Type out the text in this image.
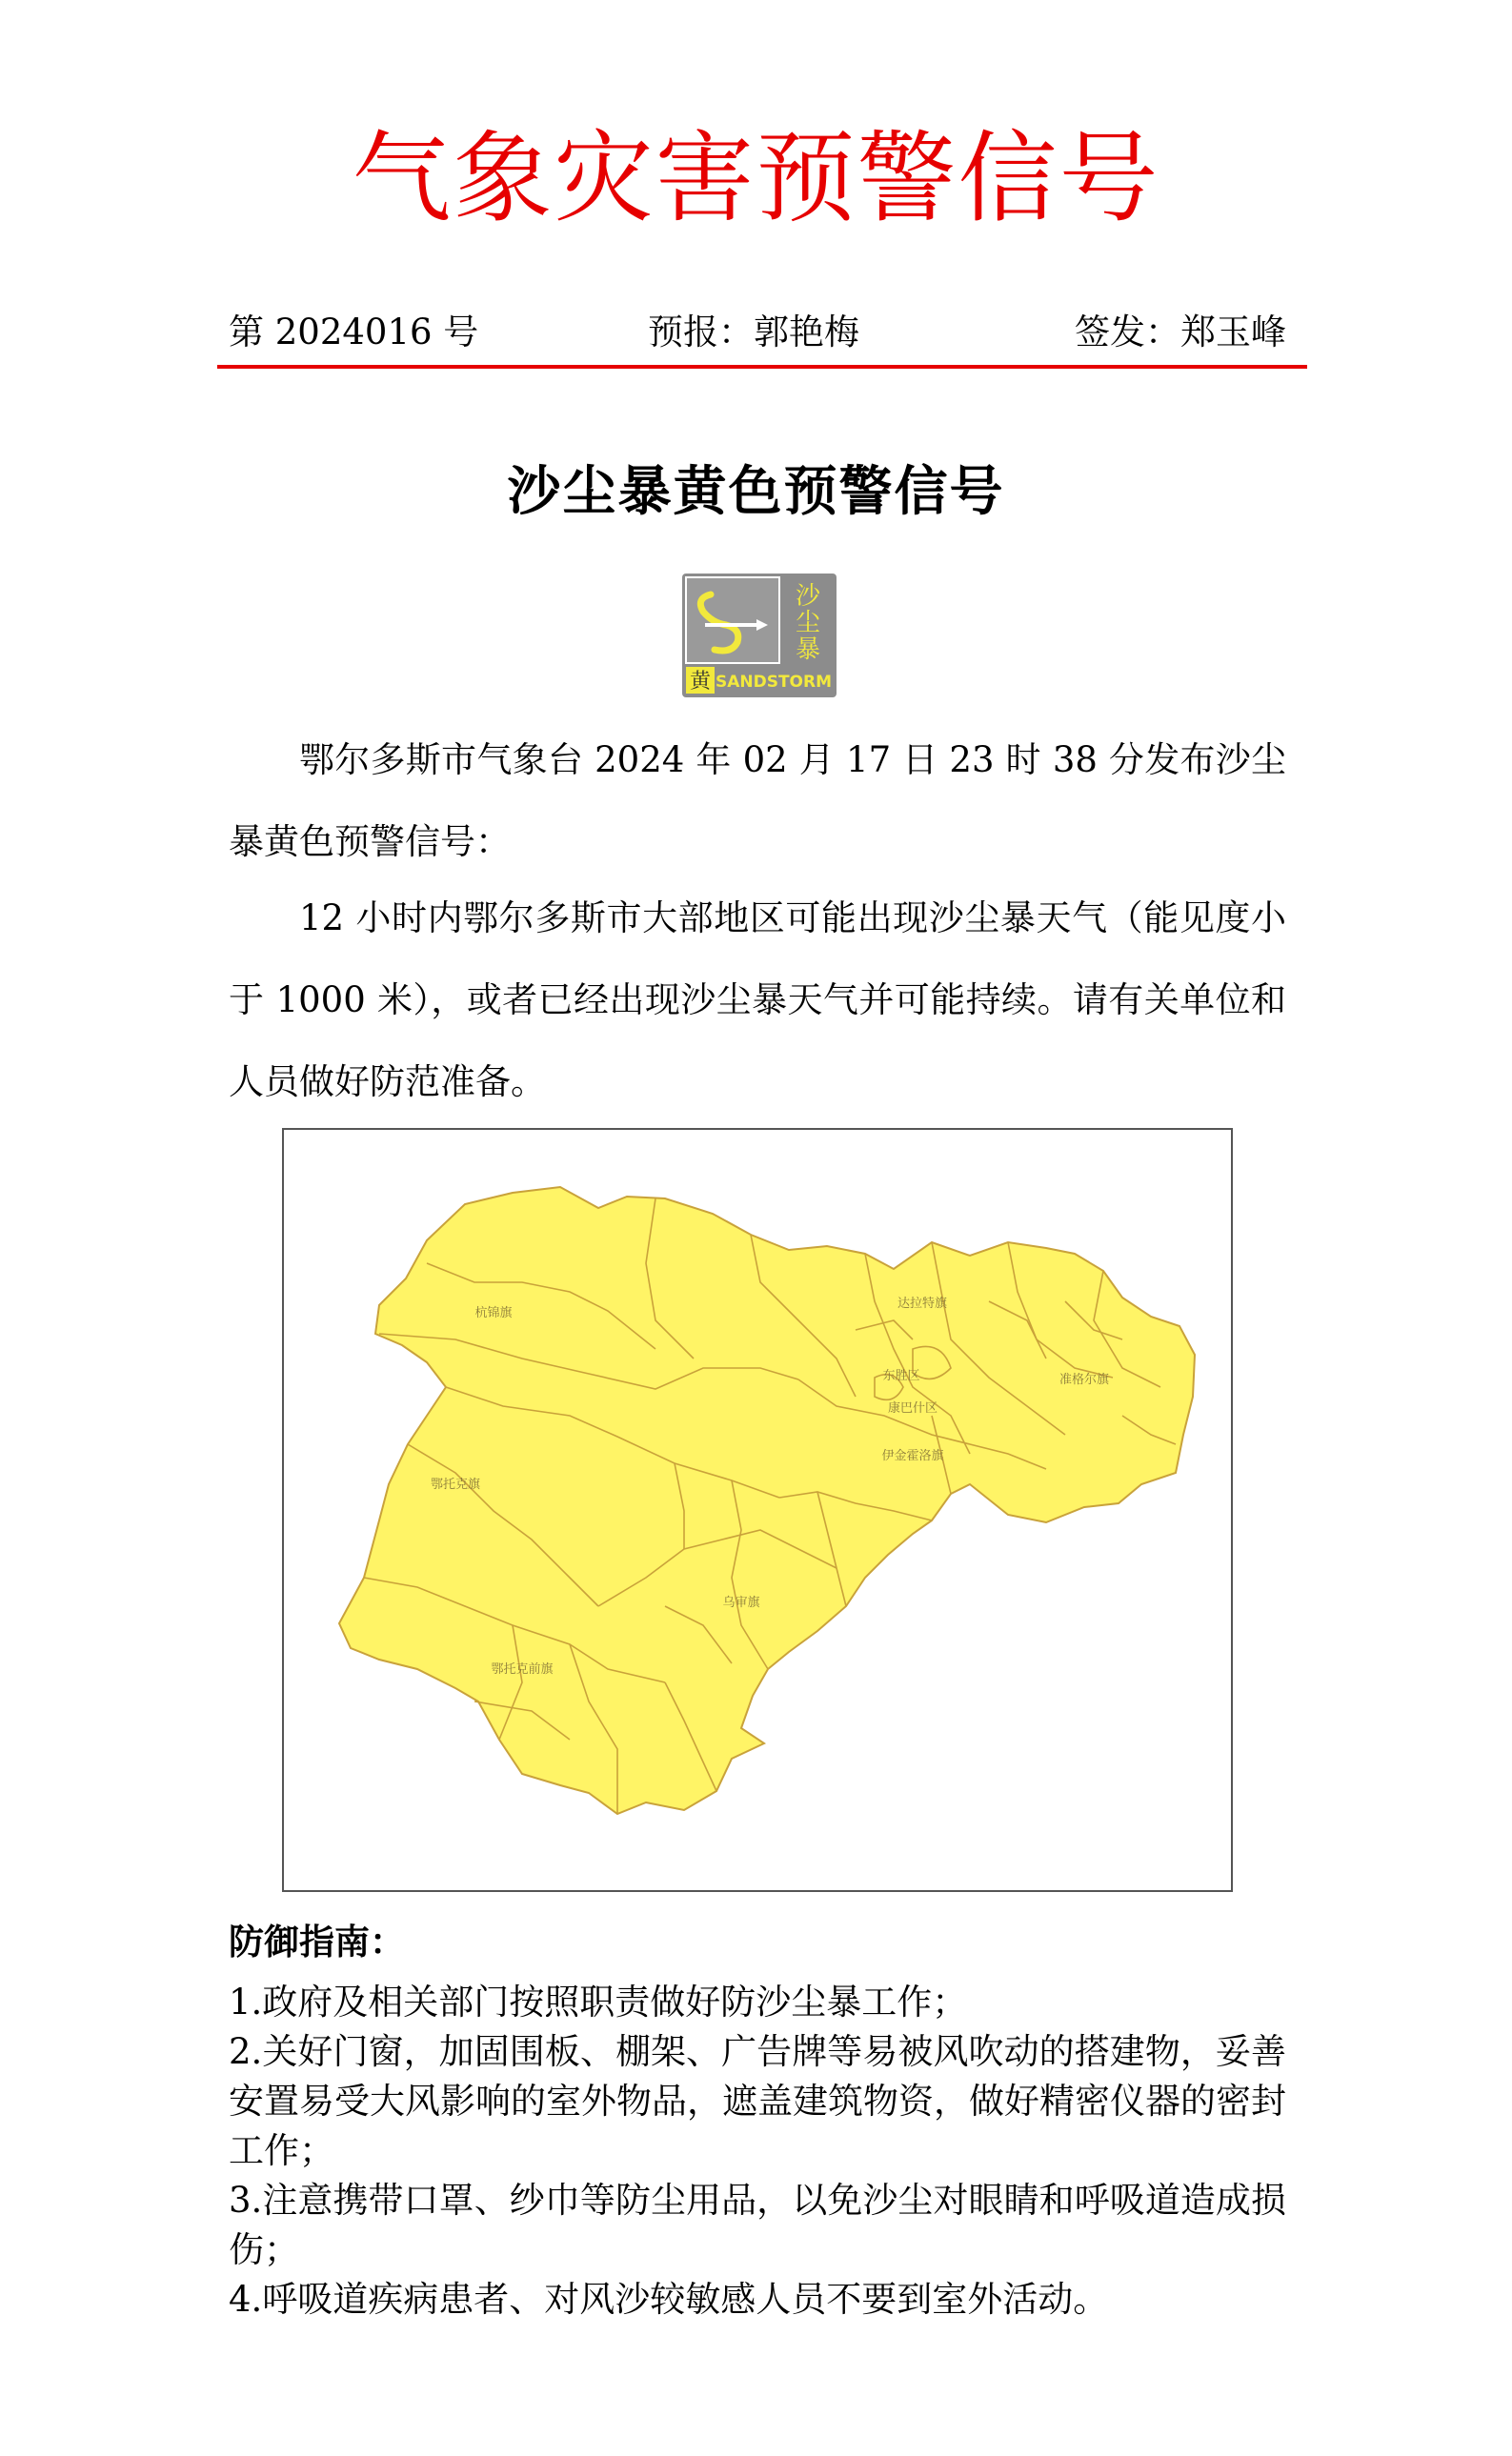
气象灾害预警信号
第 2024016 号	预报：郭艳梅	签发：郑玉峰
沙尘暴黄色预警信号
沙
尘
暴
黄 SANDSTORM

鄂尔多斯市气象台 2024 年 02 月 17 日 23 时 38 分发布沙尘暴黄色预警信号：

12 小时内鄂尔多斯市大部地区可能出现沙尘暴天气（能见度小于 1000 米），或者已经出现沙尘暴天气并可能持续。请有关单位和人员做好防范准备。

杭锦旗
达拉特旗
东胜区
康巴什区
伊金霍洛旗
准格尔旗
鄂托克旗
乌审旗
鄂托克前旗
防御指南：
1.政府及相关部门按照职责做好防沙尘暴工作；
2.关好门窗，加固围板、棚架、广告牌等易被风吹动的搭建物，妥善安置易受大风影响的室外物品，遮盖建筑物资，做好精密仪器的密封工作；
3.注意携带口罩、纱巾等防尘用品，以免沙尘对眼睛和呼吸道造成损伤；
4.呼吸道疾病患者、对风沙较敏感人员不要到室外活动。
